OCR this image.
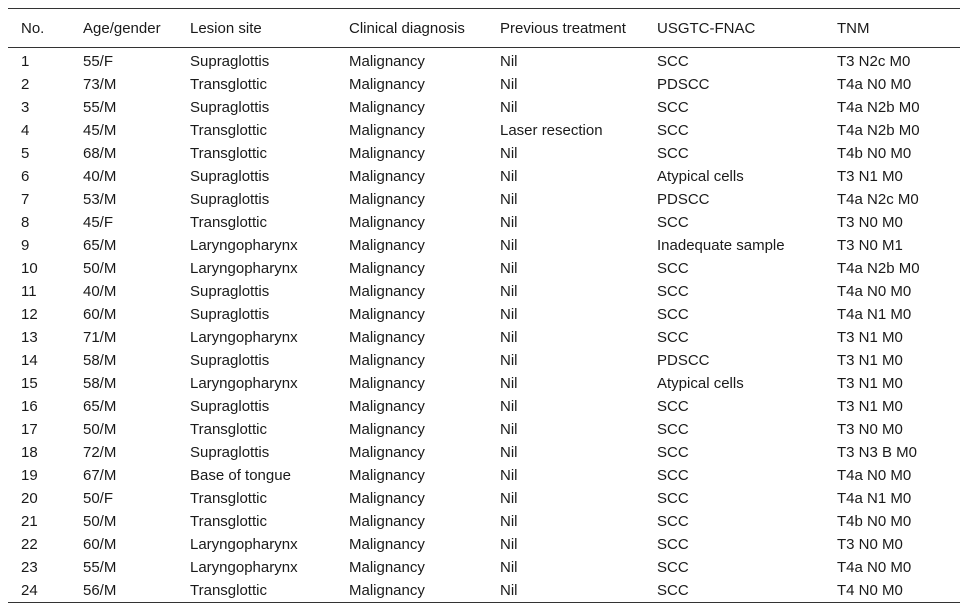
No.	Age/gender	Lesion site	Clinical diagnosis	Previous treatment	USGTC-FNAC	TNM
1	55/F	Supraglottis	Malignancy	Nil	SCC	T3 N2c M0
2	73/M	Transglottic	Malignancy	Nil	PDSCC	T4a N0 M0
3	55/M	Supraglottis	Malignancy	Nil	SCC	T4a N2b M0
4	45/M	Transglottic	Malignancy	Laser resection	SCC	T4a N2b M0
5	68/M	Transglottic	Malignancy	Nil	SCC	T4b N0 M0
6	40/M	Supraglottis	Malignancy	Nil	Atypical cells	T3 N1 M0
7	53/M	Supraglottis	Malignancy	Nil	PDSCC	T4a N2c M0
8	45/F	Transglottic	Malignancy	Nil	SCC	T3 N0 M0
9	65/M	Laryngopharynx	Malignancy	Nil	Inadequate sample	T3 N0 M1
10	50/M	Laryngopharynx	Malignancy	Nil	SCC	T4a N2b M0
11	40/M	Supraglottis	Malignancy	Nil	SCC	T4a N0 M0
12	60/M	Supraglottis	Malignancy	Nil	SCC	T4a N1 M0
13	71/M	Laryngopharynx	Malignancy	Nil	SCC	T3 N1 M0
14	58/M	Supraglottis	Malignancy	Nil	PDSCC	T3 N1 M0
15	58/M	Laryngopharynx	Malignancy	Nil	Atypical cells	T3 N1 M0
16	65/M	Supraglottis	Malignancy	Nil	SCC	T3 N1 M0
17	50/M	Transglottic	Malignancy	Nil	SCC	T3 N0 M0
18	72/M	Supraglottis	Malignancy	Nil	SCC	T3 N3 B M0
19	67/M	Base of tongue	Malignancy	Nil	SCC	T4a N0 M0
20	50/F	Transglottic	Malignancy	Nil	SCC	T4a N1 M0
21	50/M	Transglottic	Malignancy	Nil	SCC	T4b N0 M0
22	60/M	Laryngopharynx	Malignancy	Nil	SCC	T3 N0 M0
23	55/M	Laryngopharynx	Malignancy	Nil	SCC	T4a N0 M0
24	56/M	Transglottic	Malignancy	Nil	SCC	T4 N0 M0
